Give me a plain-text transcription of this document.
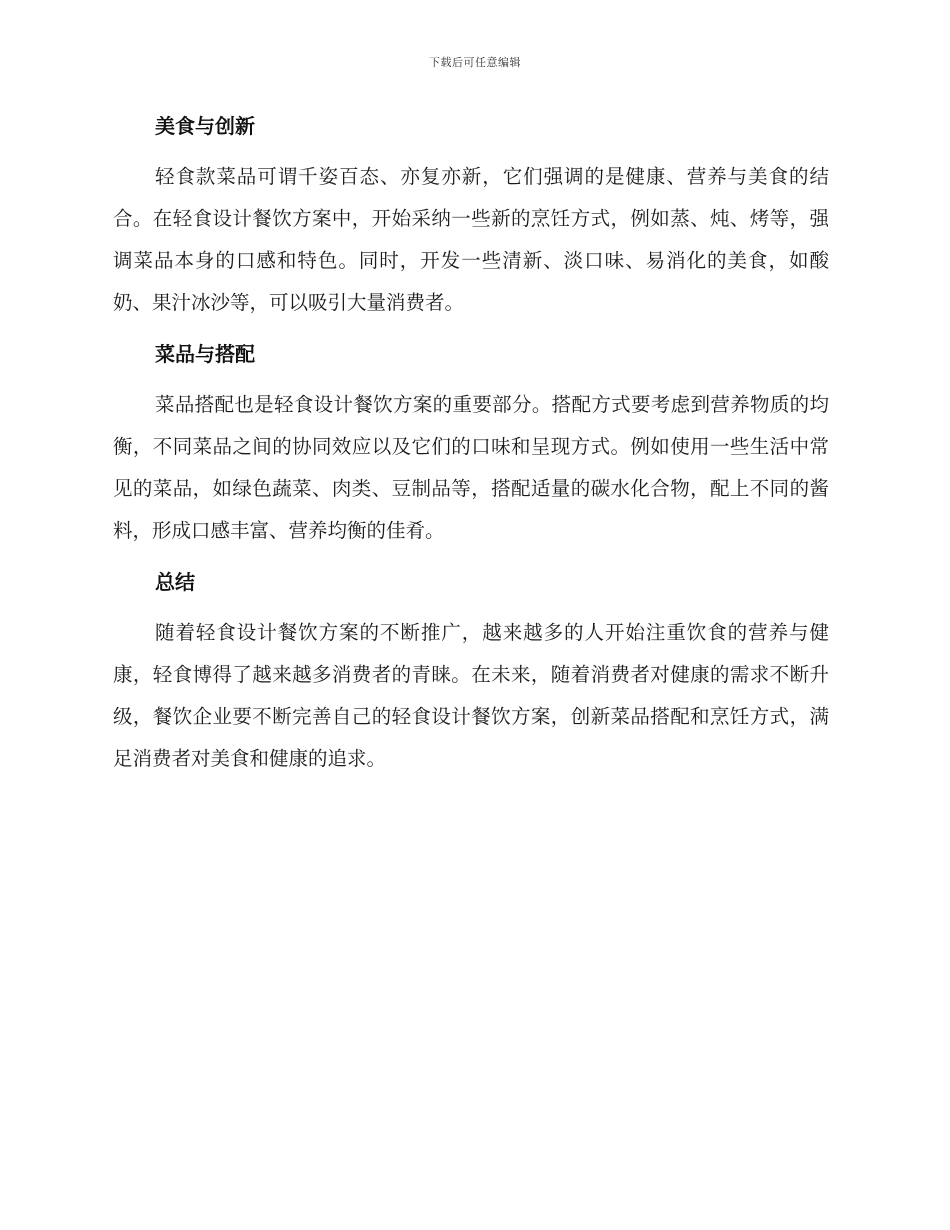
下载后可任意编辑
美食与创新

轻食款菜品可谓千姿百态、亦复亦新，它们强调的是健康、营养与美食的结合。在轻食设计餐饮方案中，开始采纳一些新的烹饪方式，例如蒸、炖、烤等，强调菜品本身的口感和特色。同时，开发一些清新、淡口味、易消化的美食，如酸奶、果汁冰沙等，可以吸引大量消费者。

菜品与搭配

菜品搭配也是轻食设计餐饮方案的重要部分。搭配方式要考虑到营养物质的均衡，不同菜品之间的协同效应以及它们的口味和呈现方式。例如使用一些生活中常见的菜品，如绿色蔬菜、肉类、豆制品等，搭配适量的碳水化合物，配上不同的酱料，形成口感丰富、营养均衡的佳肴。

总结

随着轻食设计餐饮方案的不断推广，越来越多的人开始注重饮食的营养与健康，轻食博得了越来越多消费者的青睐。在未来，随着消费者对健康的需求不断升级，餐饮企业要不断完善自己的轻食设计餐饮方案，创新菜品搭配和烹饪方式，满足消费者对美食和健康的追求。
